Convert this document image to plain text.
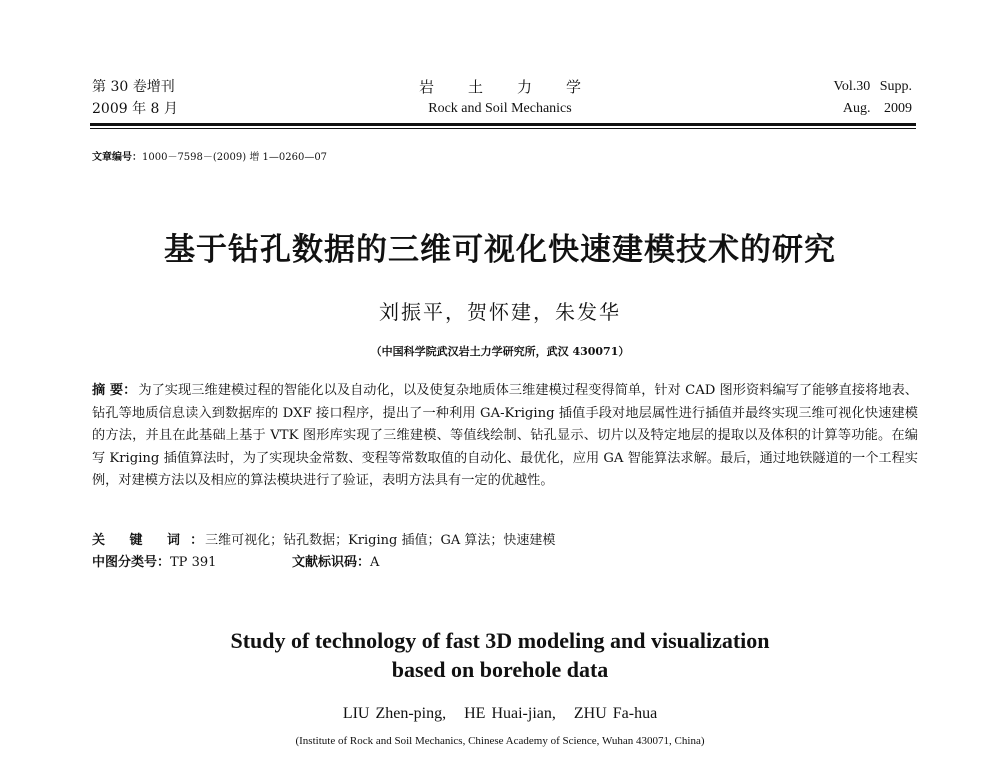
第 30 卷增刊
2009 年 8 月
岩土力学
Rock and Soil Mechanics
Vol.30 Supp.
Aug. 2009
文章编号：1000－7598－(2009) 增 1—0260—07
基于钻孔数据的三维可视化快速建模技术的研究
刘振平，贺怀建，朱发华
（中国科学院武汉岩土力学研究所，武汉 430071）
摘 要： 为了实现三维建模过程的智能化以及自动化，以及使复杂地质体三维建模过程变得简单，针对 CAD 图形资料编写了能够直接将地表、钻孔等地质信息读入到数据库的 DXF 接口程序，提出了一种利用 GA-Kriging 插值手段对地层属性进行插值并最终实现三维可视化快速建模的方法，并且在此基础上基于 VTK 图形库实现了三维建模、等值线绘制、钻孔显示、切片以及特定地层的提取以及体积的计算等功能。在编写 Kriging 插值算法时，为了实现块金常数、变程等常数取值的自动化、最优化，应用 GA 智能算法求解。最后，通过地铁隧道的一个工程实例，对建模方法以及相应的算法模块进行了验证，表明方法具有一定的优越性。
关 键 词： 三维可视化；钻孔数据；Kriging 插值；GA 算法；快速建模
中图分类号：TP 391	文献标识码：A
Study of technology of fast 3D modeling and visualization
based on borehole data
LIU Zhen-ping,   HE Huai-jian,   ZHU Fa-hua
(Institute of Rock and Soil Mechanics, Chinese Academy of Science, Wuhan 430071, China)
